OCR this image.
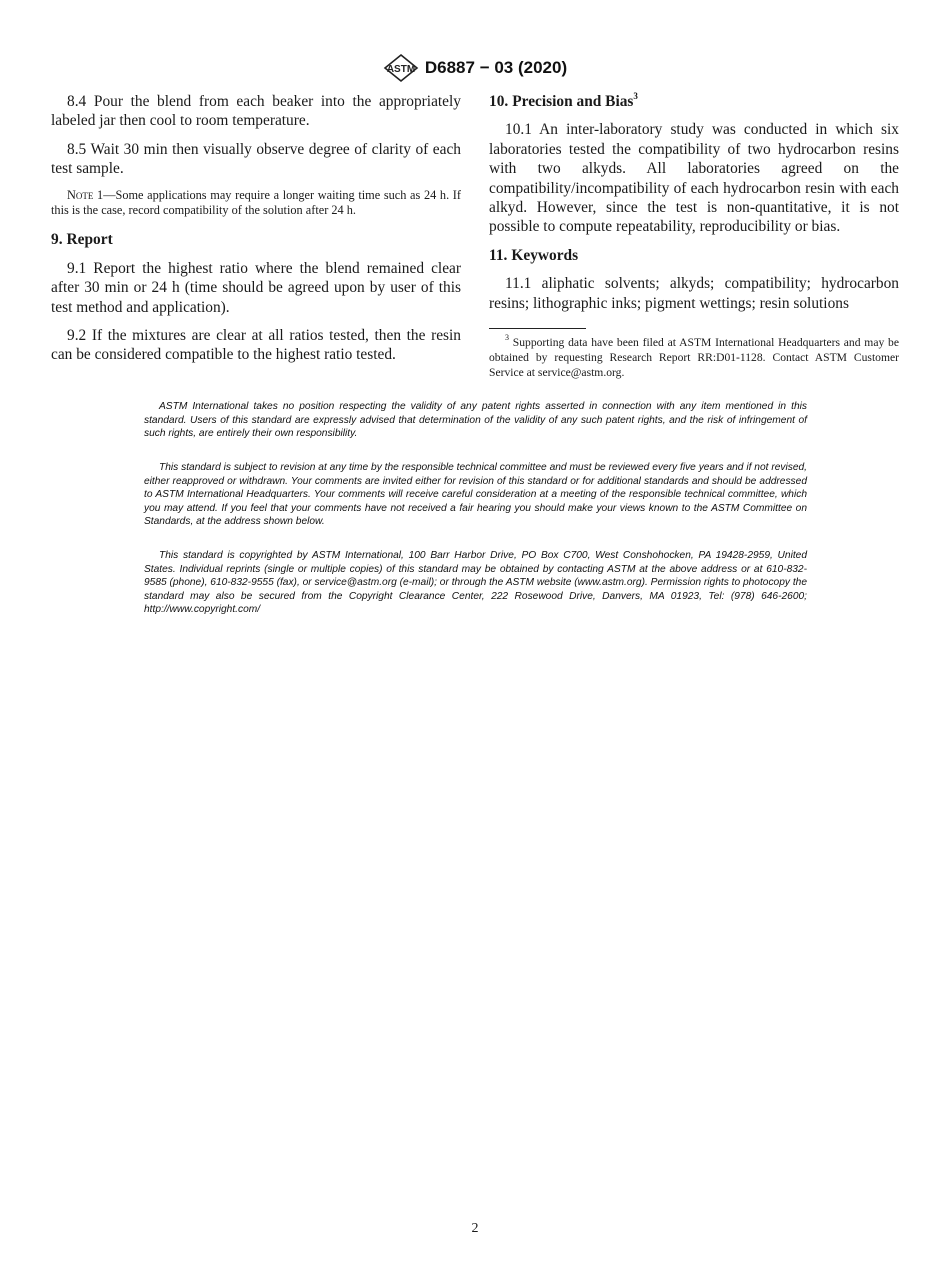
ASTM D6887 − 03 (2020)

8.4 Pour the blend from each beaker into the appropriately labeled jar then cool to room temperature.

8.5 Wait 30 min then visually observe degree of clarity of each test sample.

Note 1—Some applications may require a longer waiting time such as 24 h. If this is the case, record compatibility of the solution after 24 h.
9. Report

9.1 Report the highest ratio where the blend remained clear after 30 min or 24 h (time should be agreed upon by user of this test method and application).

9.2 If the mixtures are clear at all ratios tested, then the resin can be considered compatible to the highest ratio tested.

10. Precision and Bias$^3$

10.1 An inter-laboratory study was conducted in which six laboratories tested the compatibility of two hydrocarbon resins with two alkyds. All laboratories agreed on the compatibility/incompatibility of each hydrocarbon resin with each alkyd. However, since the test is non-quantitative, it is not possible to compute repeatability, reproducibility or bias.

11. Keywords

11.1 aliphatic solvents; alkyds; compatibility; hydrocarbon resins; lithographic inks; pigment wettings; resin solutions

$^3$ Supporting data have been filed at ASTM International Headquarters and may be obtained by requesting Research Report RR:D01-1128. Contact ASTM Customer Service at service@astm.org.
ASTM International takes no position respecting the validity of any patent rights asserted in connection with any item mentioned in this standard. Users of this standard are expressly advised that determination of the validity of any such patent rights, and the risk of infringement of such rights, are entirely their own responsibility.
This standard is subject to revision at any time by the responsible technical committee and must be reviewed every five years and if not revised, either reapproved or withdrawn. Your comments are invited either for revision of this standard or for additional standards and should be addressed to ASTM International Headquarters. Your comments will receive careful consideration at a meeting of the responsible technical committee, which you may attend. If you feel that your comments have not received a fair hearing you should make your views known to the ASTM Committee on Standards, at the address shown below.
This standard is copyrighted by ASTM International, 100 Barr Harbor Drive, PO Box C700, West Conshohocken, PA 19428-2959, United States. Individual reprints (single or multiple copies) of this standard may be obtained by contacting ASTM at the above address or at 610-832-9585 (phone), 610-832-9555 (fax), or service@astm.org (e-mail); or through the ASTM website (www.astm.org). Permission rights to photocopy the standard may also be secured from the Copyright Clearance Center, 222 Rosewood Drive, Danvers, MA 01923, Tel: (978) 646-2600; http://www.copyright.com/
2
